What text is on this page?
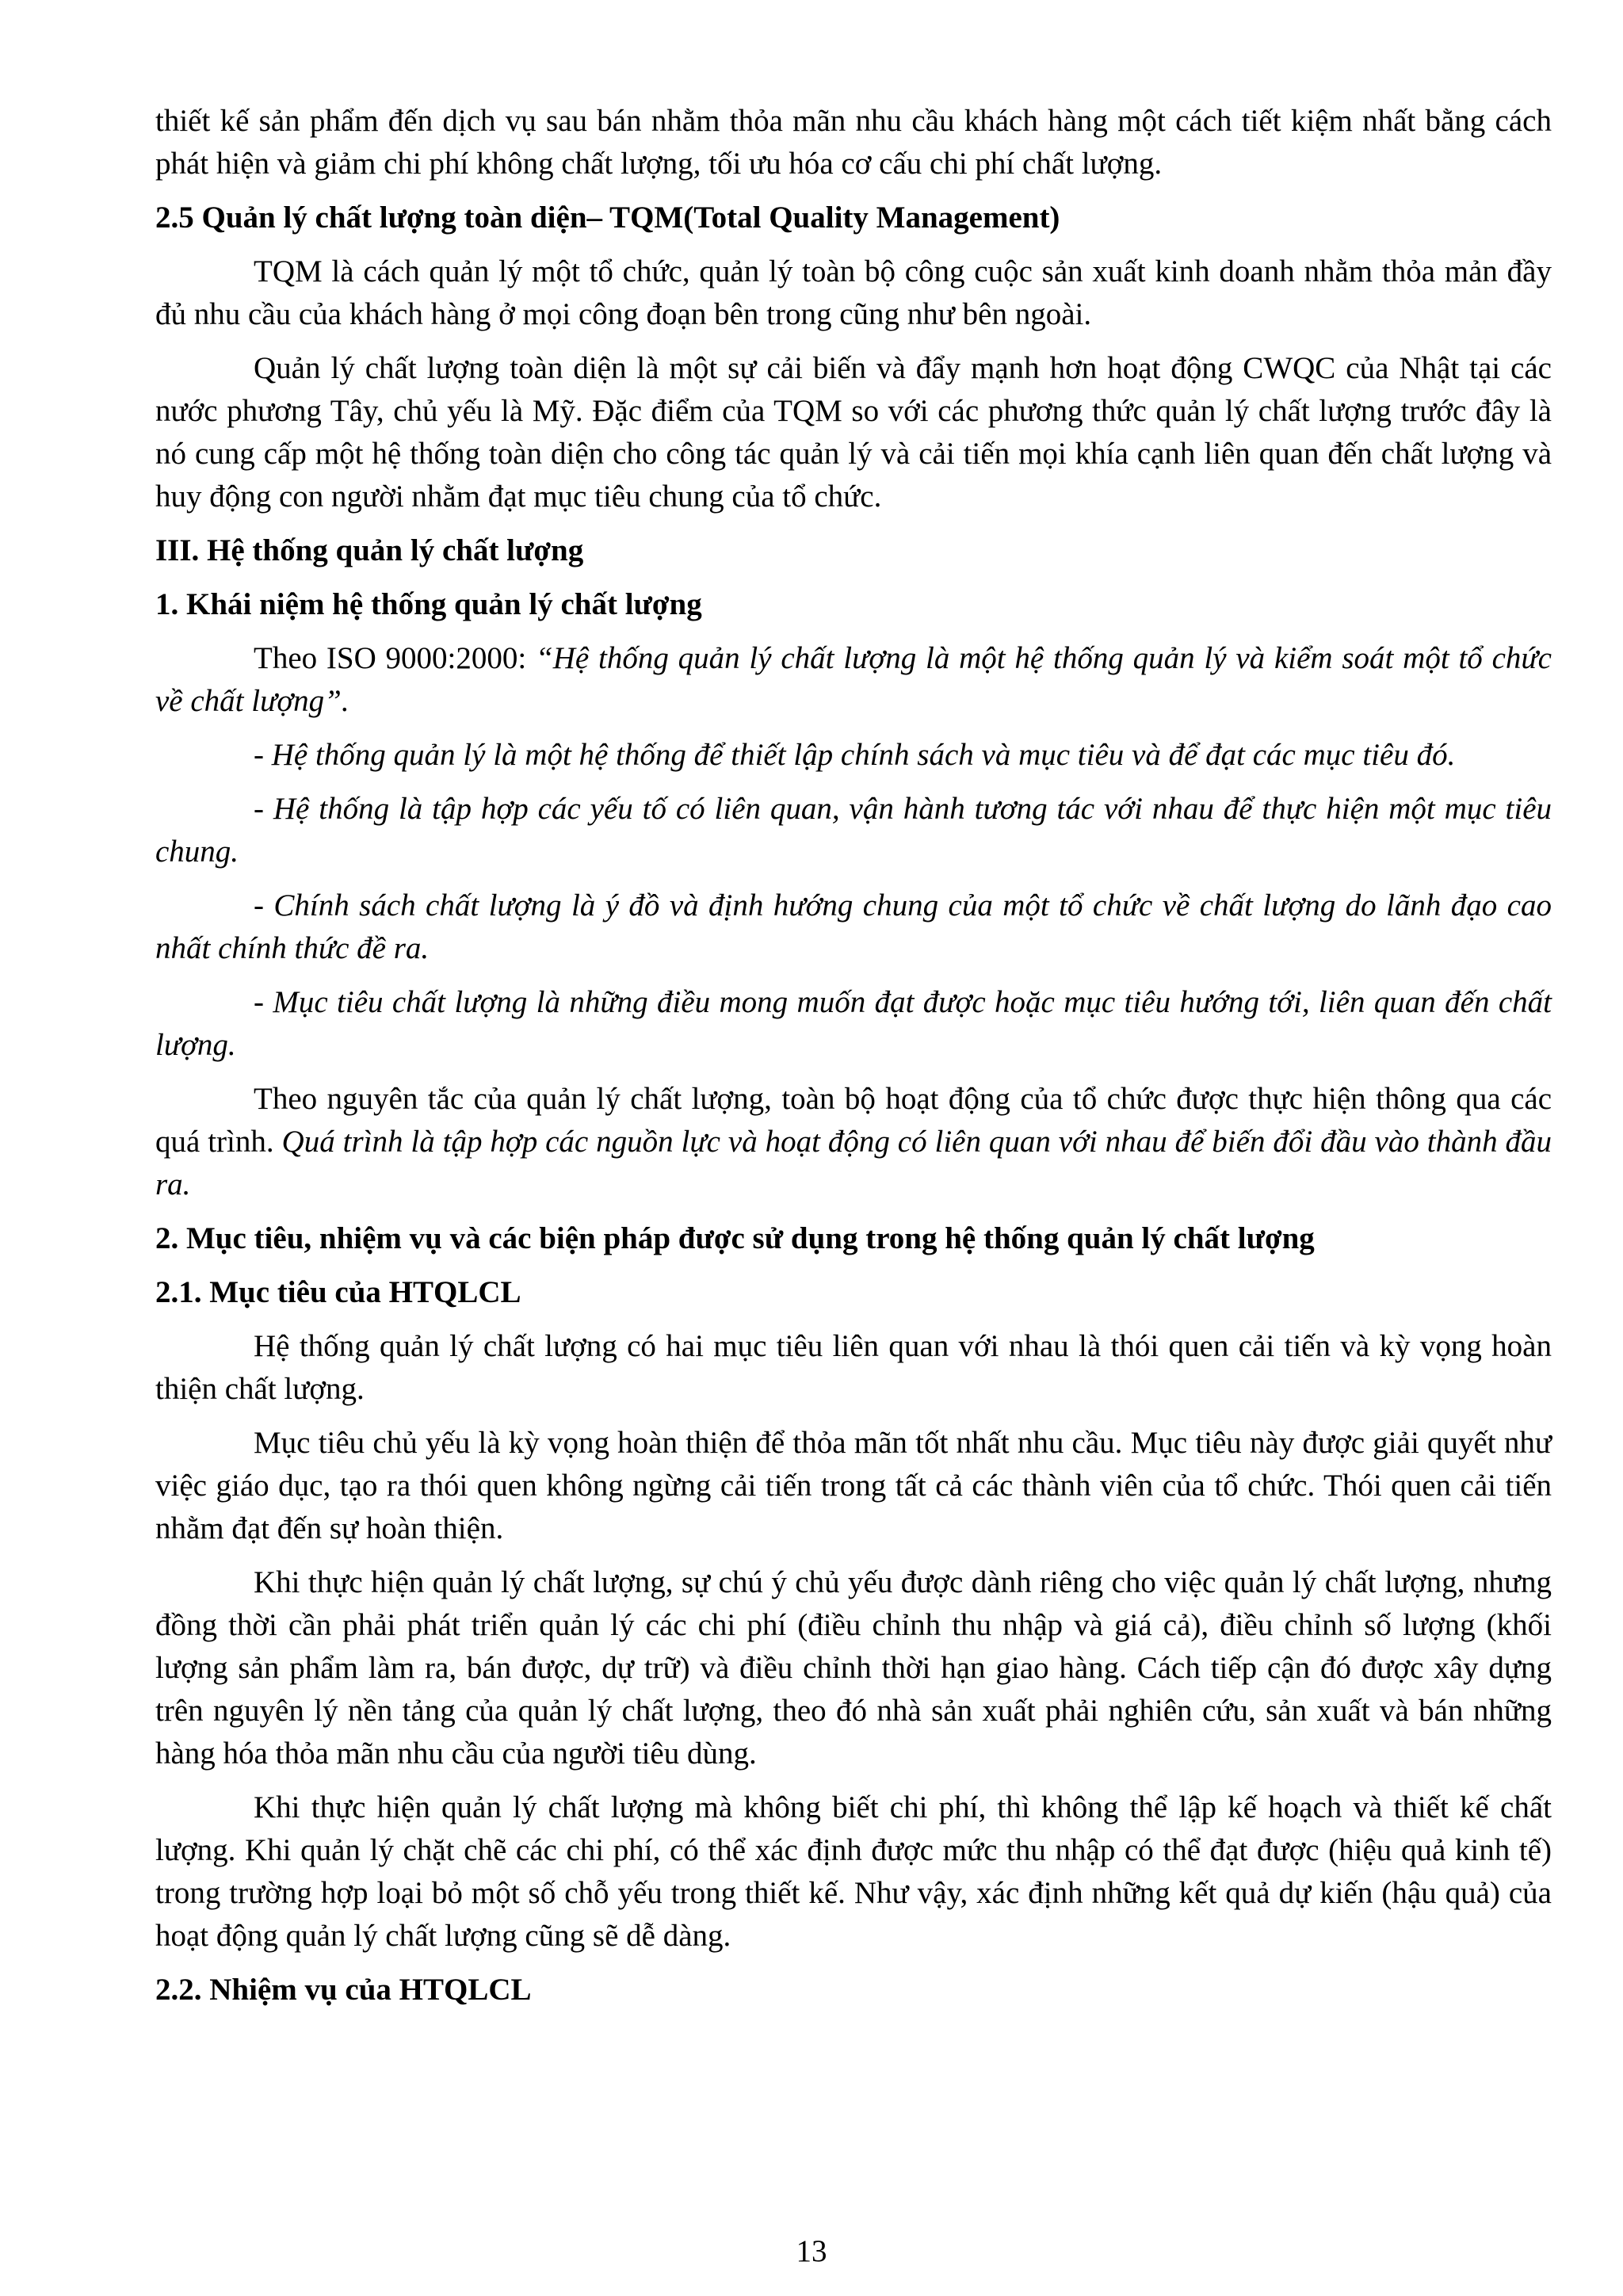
thiết kế sản phẩm đến dịch vụ sau bán nhằm thỏa mãn nhu cầu khách hàng một cách tiết kiệm nhất bằng cách phát hiện và giảm chi phí không chất lượng, tối ưu hóa cơ cấu chi phí chất lượng.

2.5 Quản lý chất lượng toàn diện– TQM(Total Quality Management)

TQM là cách quản lý một tổ chức, quản lý toàn bộ công cuộc sản xuất kinh doanh nhằm thỏa mản đầy đủ nhu cầu của khách hàng ở mọi công đoạn bên trong cũng như bên ngoài.

Quản lý chất lượng toàn diện là một sự cải biến và đẩy mạnh hơn hoạt động CWQC của Nhật tại các nước phương Tây, chủ yếu là Mỹ. Đặc điểm của TQM so với các phương thức quản lý chất lượng trước đây là nó cung cấp một hệ thống toàn diện cho công tác quản lý và cải tiến mọi khía cạnh liên quan đến chất lượng và huy động con người nhằm đạt mục tiêu chung của tổ chức.

III. Hệ thống quản lý chất lượng
1. Khái niệm hệ thống quản lý chất lượng

Theo ISO 9000:2000: “Hệ thống quản lý chất lượng là một hệ thống quản lý và kiểm soát một tổ chức về chất lượng”.

- Hệ thống quản lý là một hệ thống để thiết lập chính sách và mục tiêu và để đạt các mục tiêu đó.

- Hệ thống là tập hợp các yếu tố có liên quan, vận hành tương tác với nhau để thực hiện một mục tiêu chung.

- Chính sách chất lượng là ý đồ và định hướng chung của một tổ chức về chất lượng do lãnh đạo cao nhất chính thức đề ra.

- Mục tiêu chất lượng là những điều mong muốn đạt được hoặc mục tiêu hướng tới, liên quan đến chất lượng.

Theo nguyên tắc của quản lý chất lượng, toàn bộ hoạt động của tổ chức được thực hiện thông qua các quá trình. Quá trình là tập hợp các nguồn lực và hoạt động có liên quan với nhau để biến đổi đầu vào thành đầu ra.

2. Mục tiêu, nhiệm vụ và các biện pháp được sử dụng trong hệ thống quản lý chất lượng
2.1. Mục tiêu của HTQLCL

Hệ thống quản lý chất lượng có hai mục tiêu liên quan với nhau là thói quen cải tiến và kỳ vọng hoàn thiện chất lượng.

Mục tiêu chủ yếu là kỳ vọng hoàn thiện để thỏa mãn tốt nhất nhu cầu. Mục tiêu này được giải quyết như việc giáo dục, tạo ra thói quen không ngừng cải tiến trong tất cả các thành viên của tổ chức. Thói quen cải tiến nhằm đạt đến sự hoàn thiện.

Khi thực hiện quản lý chất lượng, sự chú ý chủ yếu được dành riêng cho việc quản lý chất lượng, nhưng đồng thời cần phải phát triển quản lý các chi phí (điều chỉnh thu nhập và giá cả), điều chỉnh số lượng (khối lượng sản phẩm làm ra, bán được, dự trữ) và điều chỉnh thời hạn giao hàng. Cách tiếp cận đó được xây dựng trên nguyên lý nền tảng của quản lý chất lượng, theo đó nhà sản xuất phải nghiên cứu, sản xuất và bán những hàng hóa thỏa mãn nhu cầu của người tiêu dùng.

Khi thực hiện quản lý chất lượng mà không biết chi phí, thì không thể lập kế hoạch và thiết kế chất lượng. Khi quản lý chặt chẽ các chi phí, có thể xác định được mức thu nhập có thể đạt được (hiệu quả kinh tế) trong trường hợp loại bỏ một số chỗ yếu trong thiết kế. Như vậy, xác định những kết quả dự kiến (hậu quả) của hoạt động quản lý chất lượng cũng sẽ dễ dàng.

2.2. Nhiệm vụ của HTQLCL
13
